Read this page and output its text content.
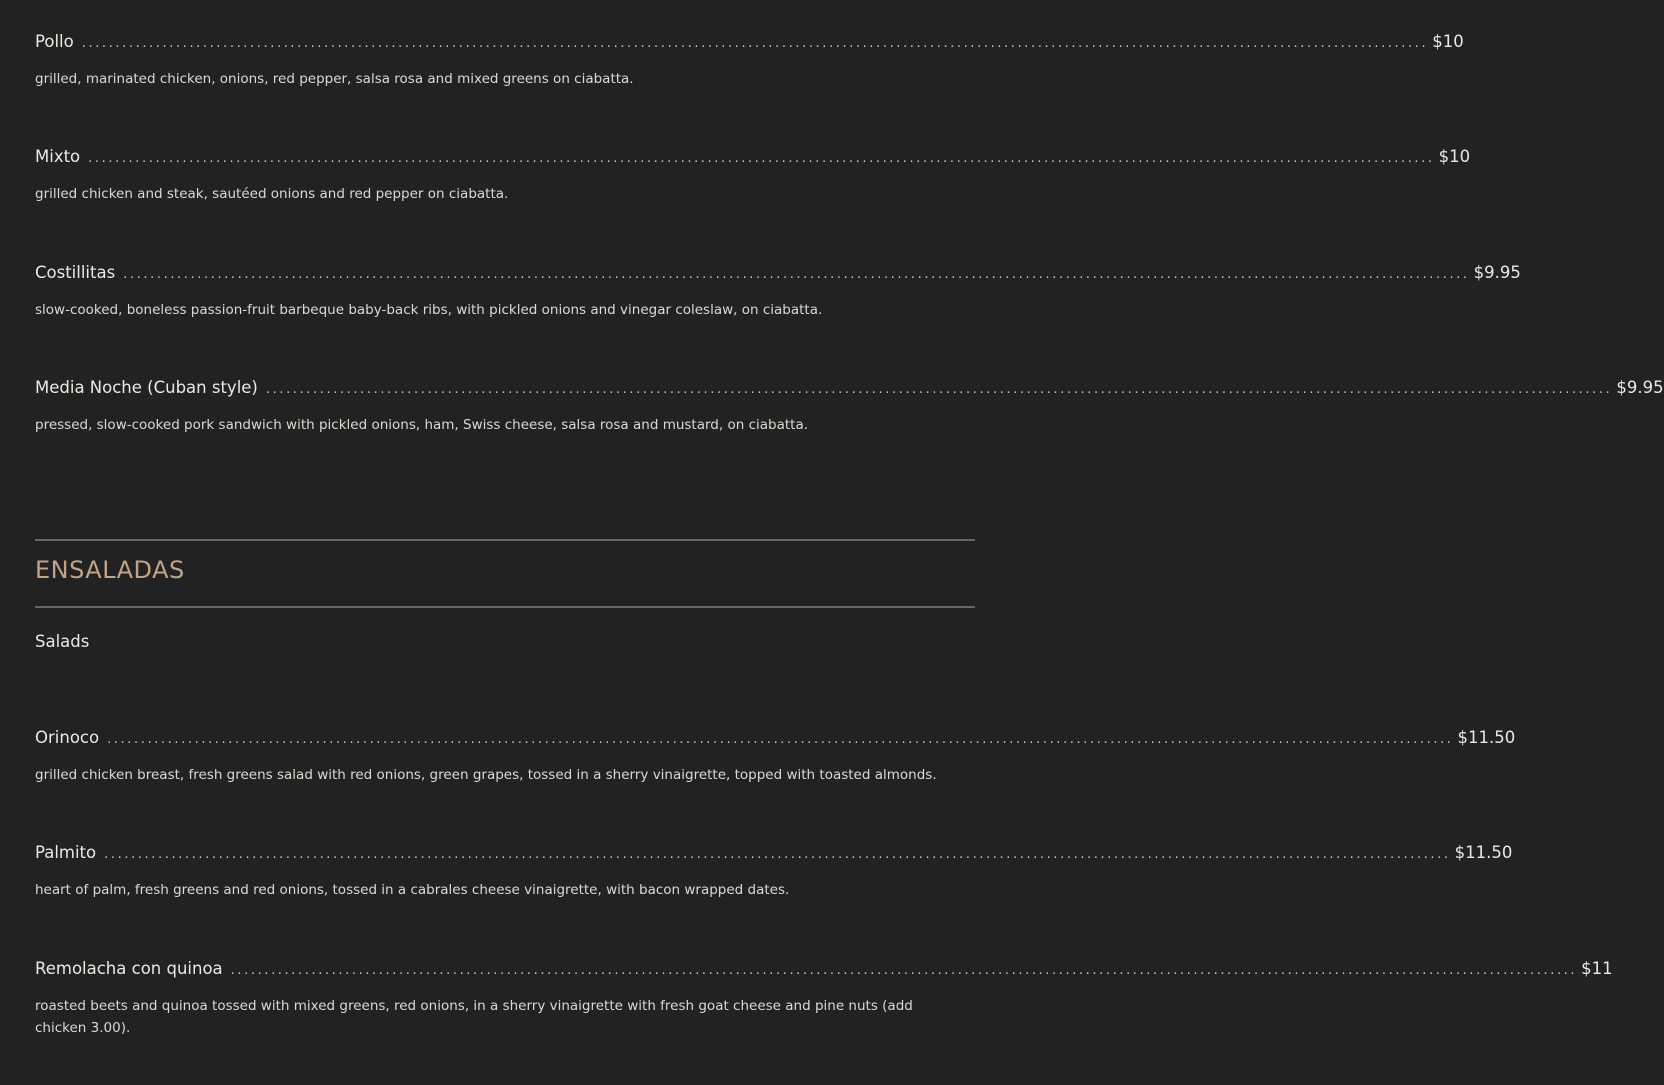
Pollo ........................................................................................................................................................................................................ $10
grilled, marinated chicken, onions, red pepper, salsa rosa and mixed greens on ciabatta.
Mixto ........................................................................................................................................................................................................ $10
grilled chicken and steak, sautéed onions and red pepper on ciabatta.
Costillitas ........................................................................................................................................................................................................ $9.95
slow-cooked, boneless passion-fruit barbeque baby-back ribs, with pickled onions and vinegar coleslaw, on ciabatta.
Media Noche (Cuban style) ........................................................................................................................................................................................................ $9.95
pressed, slow-cooked pork sandwich with pickled onions, ham, Swiss cheese, salsa rosa and mustard, on ciabatta.
ENSALADAS
Salads
Orinoco ........................................................................................................................................................................................................ $11.50
grilled chicken breast, fresh greens salad with red onions, green grapes, tossed in a sherry vinaigrette, topped with toasted almonds.
Palmito ........................................................................................................................................................................................................ $11.50
heart of palm, fresh greens and red onions, tossed in a cabrales cheese vinaigrette, with bacon wrapped dates.
Remolacha con quinoa ........................................................................................................................................................................................................ $11
roasted beets and quinoa tossed with mixed greens, red onions, in a sherry vinaigrette with fresh goat cheese and pine nuts (add chicken 3.00).
